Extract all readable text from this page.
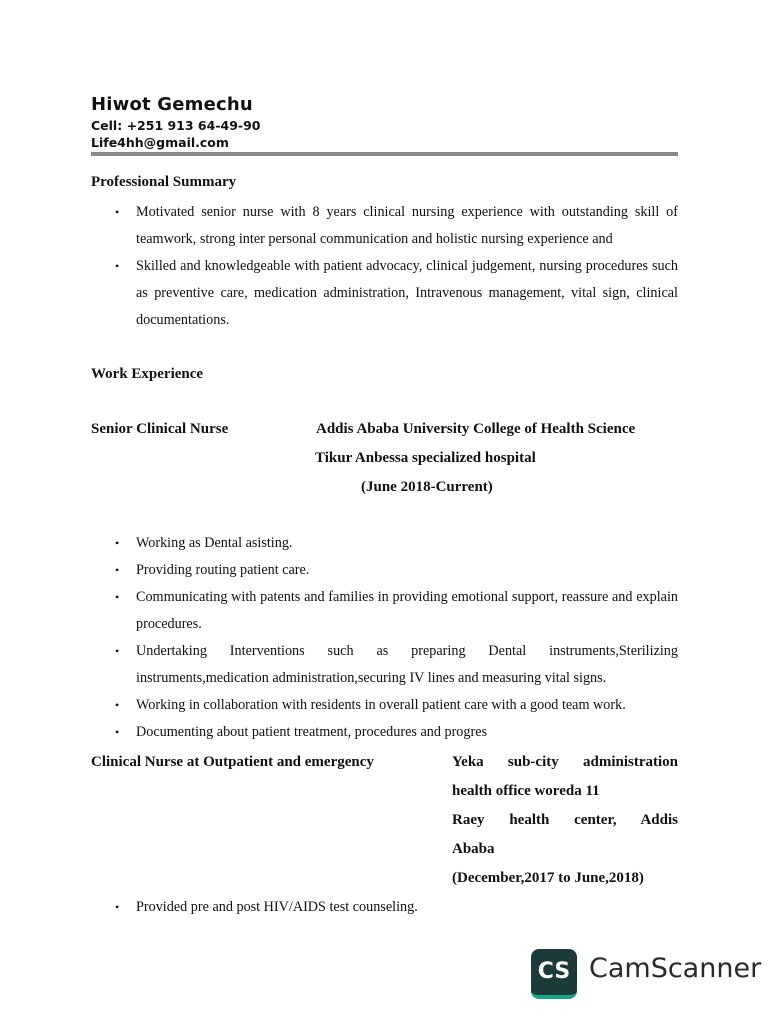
Hiwot Gemechu
Cell: +251 913 64-49-90
Life4hh@gmail.com
Professional Summary
• Motivated senior nurse with 8 years clinical nursing experience with outstanding skill of teamwork, strong inter personal communication and holistic nursing experience and
• Skilled and knowledgeable with patient advocacy, clinical judgement, nursing procedures such as preventive care, medication administration, Intravenous management, vital sign, clinical documentations.
Work Experience
Senior Clinical Nurse	Addis Ababa University College of Health Science
Tikur Anbessa specialized hospital
(June 2018-Current)
• Working as Dental asisting.
• Providing routing patient care.
• Communicating with patents and families in providing emotional support, reassure and explain procedures.
• Undertaking Interventions such as preparing Dental instruments,Sterilizing instruments,medication administration,securing IV lines and measuring vital signs.
• Working in collaboration with residents in overall patient care with a good team work.
• Documenting about patient treatment, procedures and progres
Clinical Nurse at Outpatient and emergency	Yeka sub-city administration
health office woreda 11
Raey health center, Addis
Ababa
(December,2017 to June,2018)
• Provided pre and post HIV/AIDS test counseling.
CS CamScanner
